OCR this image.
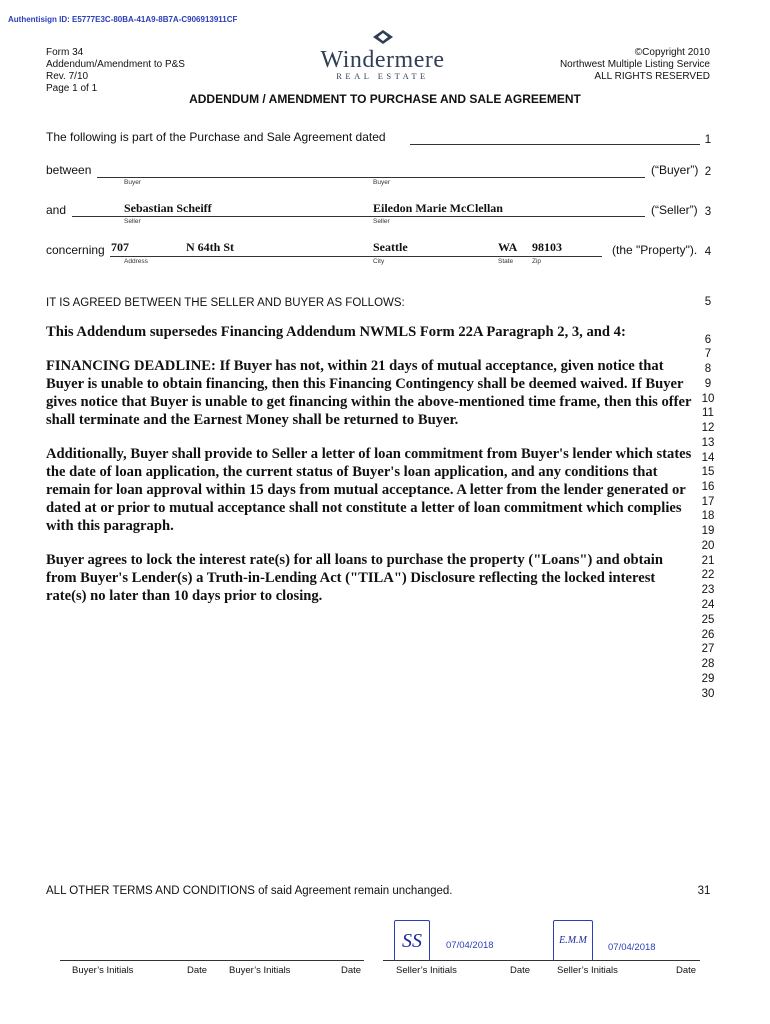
Authentisign ID: E5777E3C-80BA-41A9-8B7A-C906913911CF
Form 34
Addendum/Amendment to P&S
Rev. 7/10
Page 1 of 1
Windermere
REAL ESTATE
©Copyright 2010
Northwest Multiple Listing Service
ALL RIGHTS RESERVED
ADDENDUM / AMENDMENT TO PURCHASE AND SALE AGREEMENT
The following is part of the Purchase and Sale Agreement dated
between	(“Buyer”)
Buyer	Buyer
and	Sebastian Scheiff	Eiledon Marie McClellan	(“Seller”)
Seller	Seller
concerning 707	N 64th St	Seattle	WA 98103	(the "Property").
Address	City	State	Zip
IT IS AGREED BETWEEN THE SELLER AND BUYER AS FOLLOWS:

This Addendum supersedes Financing Addendum NWMLS Form 22A Paragraph 2, 3, and 4:

FINANCING DEADLINE: If Buyer has not, within 21 days of mutual acceptance, given notice that Buyer is unable to obtain financing, then this Financing Contingency shall be deemed waived. If Buyer gives notice that Buyer is unable to get financing within the above-mentioned time frame, then this offer shall terminate and the Earnest Money shall be returned to Buyer.

Additionally, Buyer shall provide to Seller a letter of loan commitment from Buyer's lender which states the date of loan application, the current status of Buyer's loan application, and any conditions that remain for loan approval within 15 days from mutual acceptance. A letter from the lender generated or dated at or prior to mutual acceptance shall not constitute a letter of loan commitment which complies with this paragraph.

Buyer agrees to lock the interest rate(s) for all loans to purchase the property ("Loans") and obtain from Buyer's Lender(s) a Truth-in-Lending Act ("TILA") Disclosure reflecting the locked interest rate(s) no later than 10 days prior to closing.

1
2
3
4
5
6
7
8
9
10
11
12
13
14
15
16
17
18
19
20
21
22
23
24
25
26
27
28
29
30
31
ALL OTHER TERMS AND CONDITIONS of said Agreement remain unchanged.
SS	07/04/2018	E.M.M
07/04/2018
Buyer’s Initials	Date Buyer’s Initials	Date	Seller’s Initials	Date	Seller’s Initials	Date
